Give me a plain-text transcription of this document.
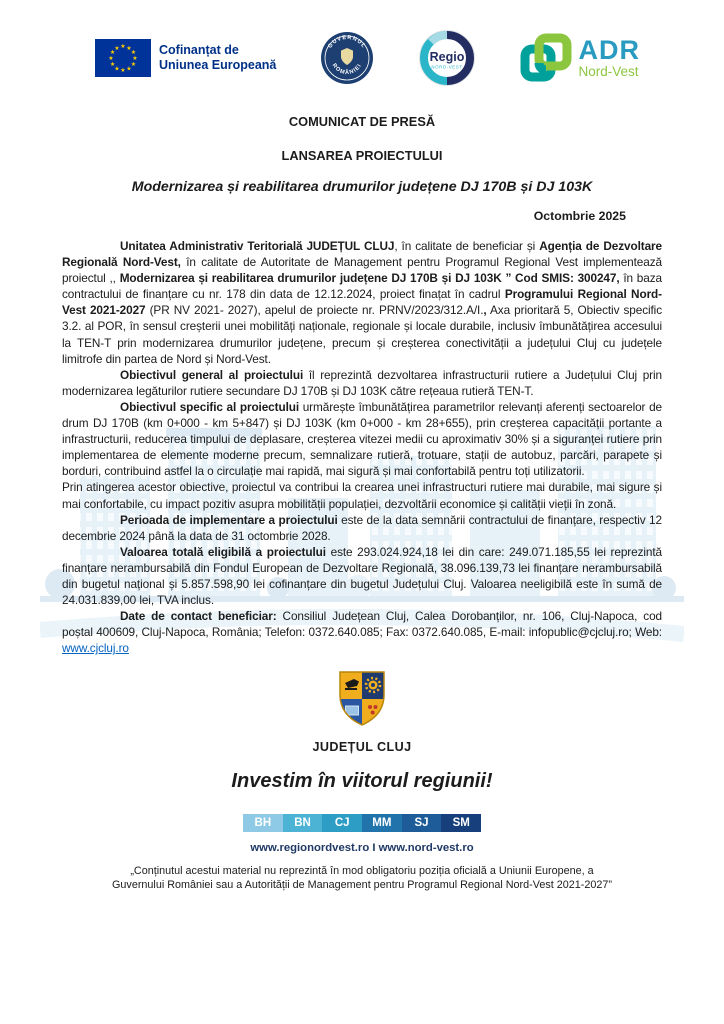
★ ★
★
★
★
★
★
★
★
★
★
★	Cofinanțat de
Uniunea Europeană
GUVERNUL
ROMÂNIEI
Regio
NORD-VEST
ADR
Nord-Vest
COMUNICAT DE PRESĂ
LANSAREA PROIECTULUI
Modernizarea și reabilitarea drumurilor județene DJ 170B și DJ 103K
Octombrie 2025

Unitatea Administrativ Teritorială JUDEȚUL CLUJ, în calitate de beneficiar și Agenția de Dezvoltare Regională Nord-Vest, în calitate de Autoritate de Management pentru Programul Regional Vest implementează proiectul ,, Modernizarea și reabilitarea drumurilor județene DJ 170B și DJ 103K ” Cod SMIS: 300247, în baza contractului de finanțare cu nr. 178 din data de 12.12.2024, proiect finațat în cadrul Programului Regional Nord-Vest 2021-2027 (PR NV 2021- 2027), apelul de proiecte nr. PRNV/2023/312.A/I., Axa prioritară 5, Obiectiv specific 3.2. al POR, în sensul creșterii unei mobilități naționale, regionale și locale durabile, inclusiv îmbunătățirea accesului la TEN-T prin modernizarea drumurilor județene, precum și creșterea conectivității a județului Cluj cu județele limitrofe din partea de Nord și Nord-Vest.

Obiectivul general al proiectului îl reprezintă dezvoltarea infrastructurii rutiere a Județului Cluj prin modernizarea legăturilor rutiere secundare DJ 170B și DJ 103K către rețeaua rutieră TEN-T.

Obiectivul specific al proiectului urmărește îmbunătățirea parametrilor relevanți aferenți sectoarelor de drum DJ 170B (km 0+000 - km 5+847) și DJ 103K (km 0+000 - km 28+655), prin creșterea capacității portante a infrastructurii, reducerea timpului de deplasare, creșterea vitezei medii cu aproximativ 30% și a siguranței rutiere prin implementarea de elemente moderne precum, semnalizare rutieră, trotuare, stații de autobuz, parcări, parapete și borduri, contribuind astfel la o circulație mai rapidă, mai sigură și mai confortabilă pentru toți utilizatorii.

Prin atingerea acestor obiective, proiectul va contribui la crearea unei infrastructuri rutiere mai durabile, mai sigure și mai confortabile, cu impact pozitiv asupra mobilității populației, dezvoltării economice și calității vieții în zonă.

Perioada de implementare a proiectului este de la data semnării contractului de finanțare, respectiv 12 decembrie 2024 până la data de 31 octombrie 2028.

Valoarea totală eligibilă a proiectului este 293.024.924,18 lei din care: 249.071.185,55 lei reprezintă finanțare nerambursabilă din Fondul European de Dezvoltare Regională, 38.096.139,73 lei finanțare nerambursabilă din bugetul național și 5.857.598,90 lei cofinanțare din bugetul Județului Cluj. Valoarea neeligibilă este în sumă de 24.031.839,00 lei, TVA inclus.

Date de contact beneficiar: Consiliul Județean Cluj, Calea Dorobanților, nr. 106, Cluj-Napoca, cod poștal 400609, Cluj-Napoca, România; Telefon: 0372.640.085; Fax: 0372.640.085, E-mail: infopublic@cjcluj.ro; Web: www.cjcluj.ro

JUDEȚUL CLUJ
Investim în viitorul regiunii!
BH	BN	CJ	MM	SJ	SM
www.regionordvest.ro I www.nord-vest.ro
„Conținutul acestui material nu reprezintă în mod obligatoriu poziția oficială a Uniunii Europene, a Guvernului României sau a Autorității de Management pentru Programul Regional Nord-Vest 2021-2027”
